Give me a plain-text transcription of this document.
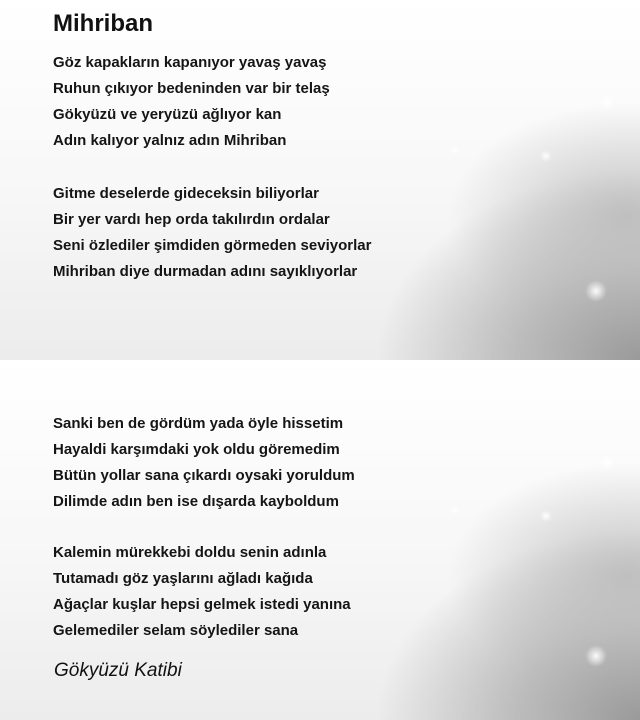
Mihriban
Göz kapakların kapanıyor yavaş yavaş
Ruhun çıkıyor bedeninden var bir telaş
Gökyüzü ve yeryüzü ağlıyor kan
Adın kalıyor yalnız adın Mihriban
Gitme deselerde gideceksin biliyorlar
Bir yer vardı hep orda takılırdın ordalar
Seni özlediler şimdiden görmeden seviyorlar
Mihriban diye durmadan adını sayıklıyorlar
Sanki ben de gördüm yada öyle hissetim
Hayaldi karşımdaki yok oldu göremedim
Bütün yollar sana çıkardı oysaki yoruldum
Dilimde adın ben ise dışarda kayboldum
Kalemin mürekkebi doldu senin adınla
Tutamadı göz yaşlarını ağladı kağıda
Ağaçlar kuşlar hepsi gelmek istedi yanına
Gelemediler selam söylediler sana
Gökyüzü Katibi
